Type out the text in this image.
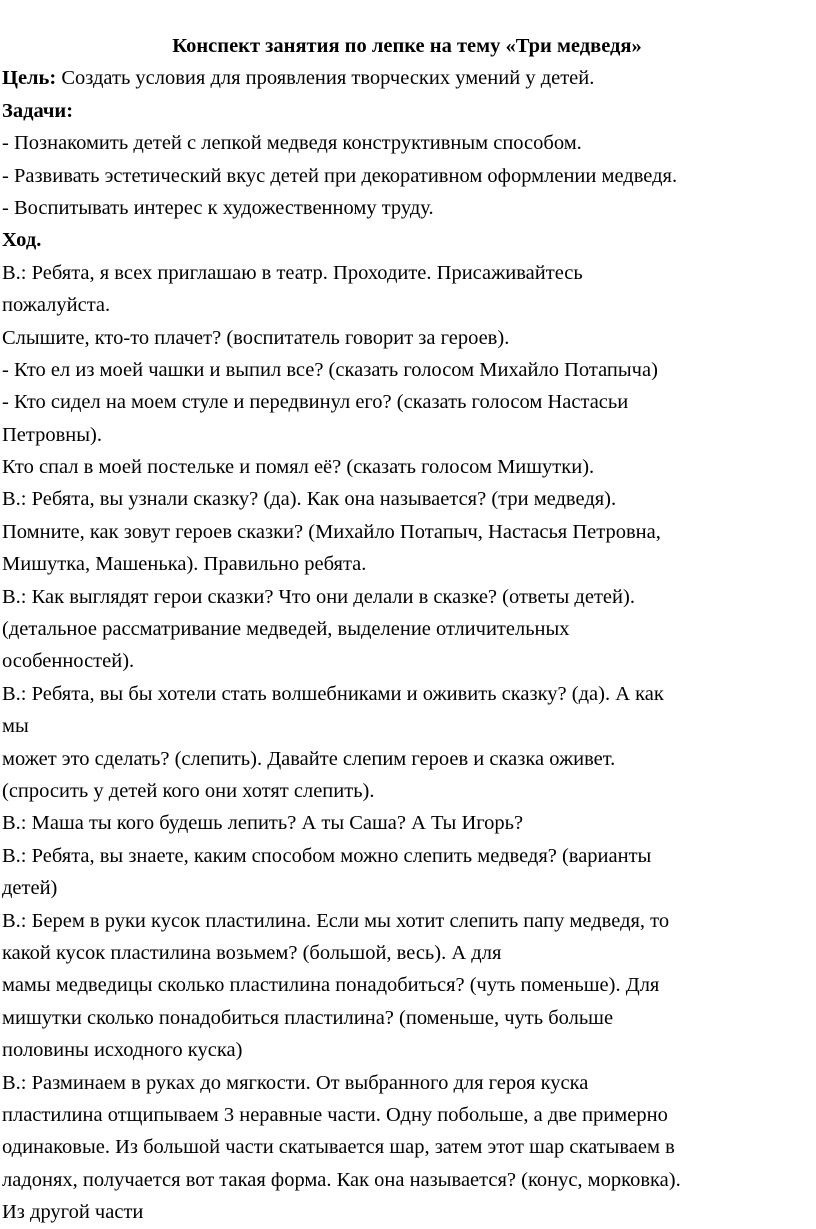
Конспект занятия по лепке на тему «Три медведя»
Цель: Создать условия для проявления творческих умений у детей.
Задачи:
- Познакомить детей с лепкой медведя конструктивным способом.
- Развивать эстетический вкус детей при декоративном оформлении медведя.
- Воспитывать интерес к художественному труду.
Ход.
В.: Ребята, я всех приглашаю в театр. Проходите. Присаживайтесь
пожалуйста.
Слышите, кто-то плачет? (воспитатель говорит за героев).
- Кто ел из моей чашки и выпил все? (сказать голосом Михайло Потапыча)
- Кто сидел на моем стуле и передвинул его? (сказать голосом Настасьи
Петровны).
Кто спал в моей постельке и помял её? (сказать голосом Мишутки).
В.: Ребята, вы узнали сказку? (да). Как она называется? (три медведя).
Помните, как зовут героев сказки? (Михайло Потапыч, Настасья Петровна,
Мишутка, Машенька). Правильно ребята.
В.: Как выглядят герои сказки? Что они делали в сказке? (ответы детей).
(детальное рассматривание медведей, выделение отличительных
особенностей).
В.: Ребята, вы бы хотели стать волшебниками и оживить сказку? (да). А как
мы
может это сделать? (слепить). Давайте слепим героев и сказка оживет.
(спросить у детей кого они хотят слепить).
В.: Маша ты кого будешь лепить? А ты Саша? А Ты Игорь?
В.: Ребята, вы знаете, каким способом можно слепить медведя? (варианты
детей)
В.: Берем в руки кусок пластилина. Если мы хотит слепить папу медведя, то
какой кусок пластилина возьмем? (большой, весь). А для
мамы медведицы сколько пластилина понадобиться? (чуть поменьше). Для
мишутки сколько понадобиться пластилина? (поменьше, чуть больше
половины исходного куска)
В.: Разминаем в руках до мягкости. От выбранного для героя куска
пластилина отщипываем 3 неравные части. Одну побольше, а две примерно
одинаковые. Из большой части скатывается шар, затем этот шар скатываем в
ладонях, получается вот такая форма. Как она называется? (конус, морковка).
Из другой части
